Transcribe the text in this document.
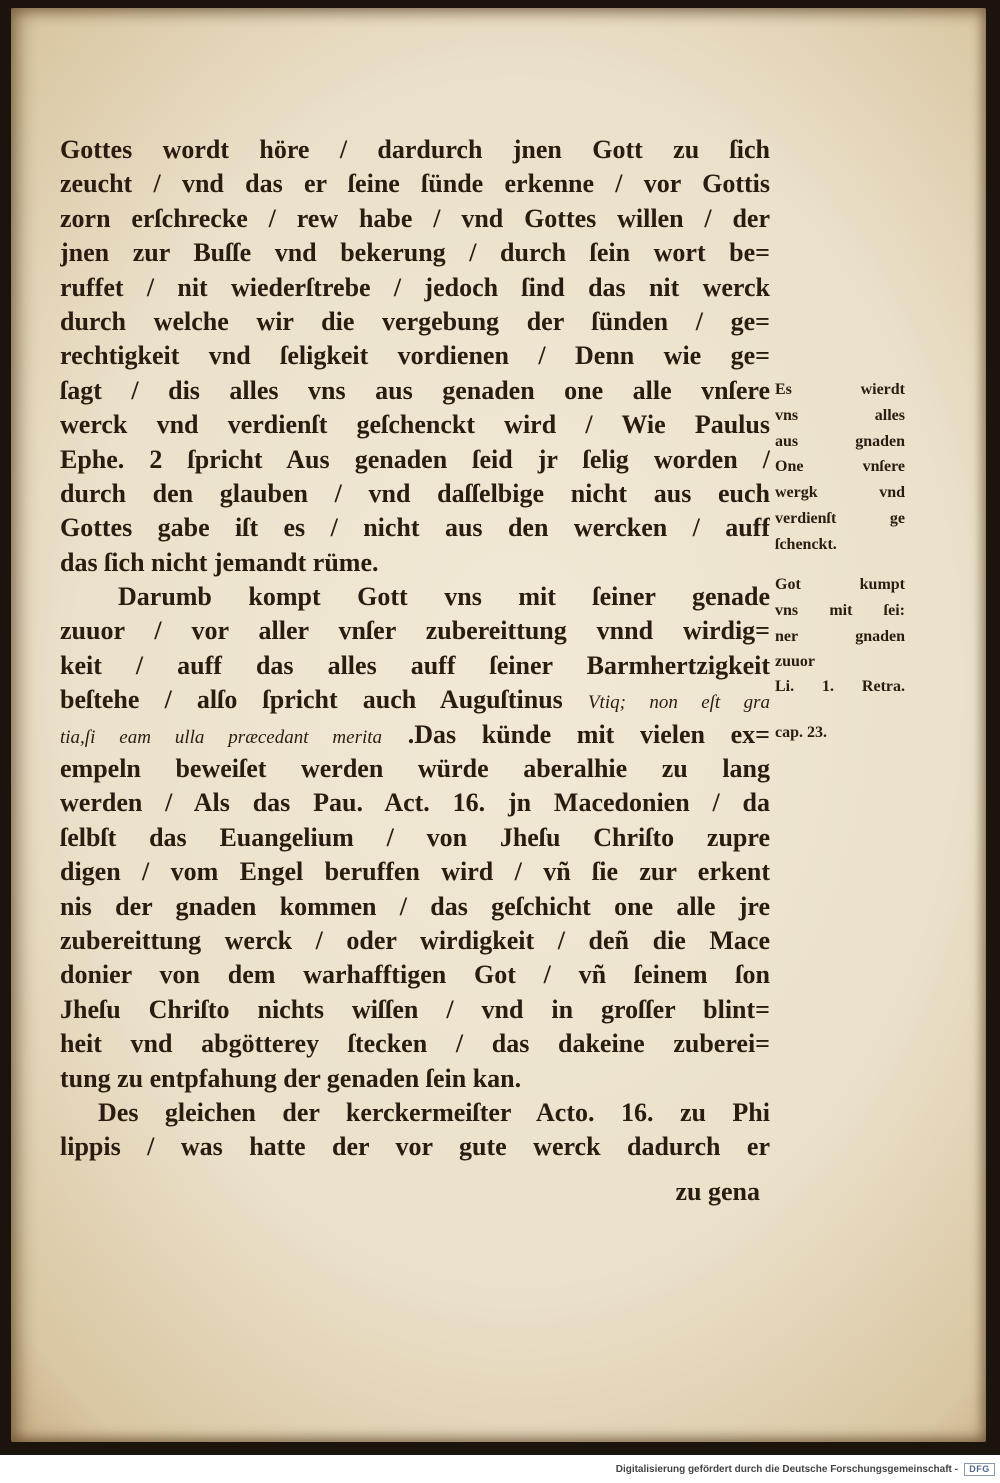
Gottes wordt höre / dardurch jnen Gott zu ſich
zeucht / vnd das er ſeine ſünde erkenne / vor Gottis
zorn erſchrecke / rew habe / vnd Gottes willen / der
jnen zur Buſſe vnd bekerung / durch ſein wort be=
ruffet / nit wiederſtrebe / jedoch ſind das nit werck
durch welche wir die vergebung der ſünden / ge=
rechtigkeit vnd ſeligkeit vordienen / Denn wie ge=
ſagt / dis alles vns aus genaden one alle vnſere
werck vnd verdienſt geſchenckt wird / Wie Paulus
Ephe. 2 ſpricht Aus genaden ſeid jr ſelig worden /
durch den glauben / vnd daſſelbige nicht aus euch
Gottes gabe iſt es / nicht aus den wercken / auff
das ſich nicht jemandt rüme.
Darumb kompt Gott vns mit ſeiner genade
zuuor / vor aller vnſer zubereittung vnnd wirdig=
keit / auff das alles auff ſeiner Barmhertzigkeit
beſtehe / alſo ſpricht auch Auguſtinus Vtiq; non eſt gra
tia,ſi eam ulla præcedant merita .Das künde mit vielen ex=
empeln beweiſet werden würde aberalhie zu lang
werden / Als das Pau. Act. 16. jn Macedonien / da
ſelbſt das Euangelium / von Jheſu Chriſto zupre
digen / vom Engel beruffen wird / vñ ſie zur erkent
nis der gnaden kommen / das geſchicht one alle jre
zubereittung werck / oder wirdigkeit / deñ die Mace
donier von dem warhafftigen Got / vñ ſeinem ſon
Jheſu Chriſto nichts wiſſen / vnd in groſſer blint=
heit vnd abgötterey ſtecken / das dakeine zuberei=
tung zu entpfahung der genaden ſein kan.
Des gleichen der kerckermeiſter Acto. 16. zu Phi
lippis / was hatte der vor gute werck dadurch er
zu gena
Es wierdt
vns alles
aus gnaden
One vnſere
wergk vnd
verdienſt ge
ſchenckt.
Got kumpt
vns mit ſei:
ner gnaden
zuuor
Li. 1. Retra.
cap. 23.
Digitalisierung gefördert durch die Deutsche Forschungsgemeinschaft -	DFG
